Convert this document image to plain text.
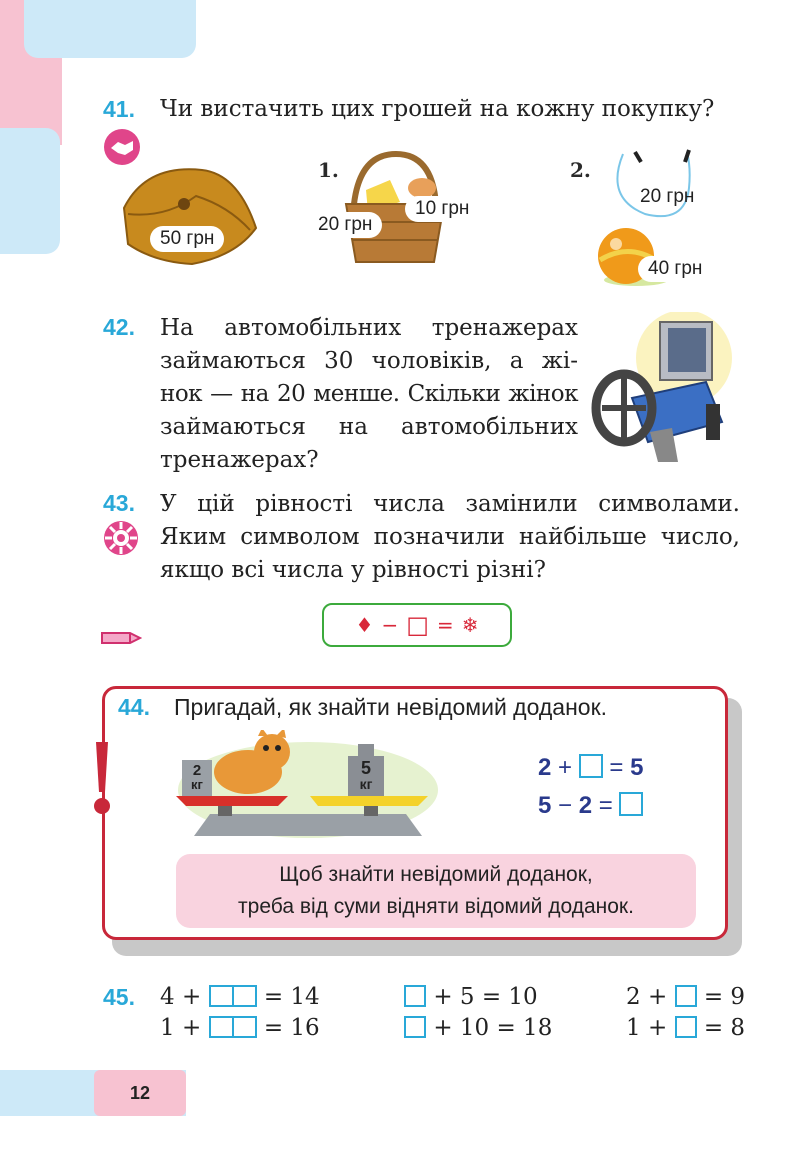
41. Чи вистачить цих грошей на кожну покупку?
50 грн
1.
20 грн
10 грн
2.
20 грн
40 грн
42. На автомобільних тренажерах
займаються 30 чоловіків, а жі-
нок — на 20 менше. Скільки жінок
займаються на автомобільних
тренажерах?
43. У цій рівності числа замінили символами.
Яким символом позначили найбільше число,
якщо всі числа у рівності різні?
♦ − □ = ❄
44. Пригадай, як знайти невідомий доданок.
2
кг
5
кг
2 + = 5
5 − 2 =
Щоб знайти невідомий доданок,
треба від суми відняти відомий доданок.
45. 4 +	= 14
1 +	= 16
+ 5 = 10
+ 10 = 18
2 + = 9
1 + = 8
12
